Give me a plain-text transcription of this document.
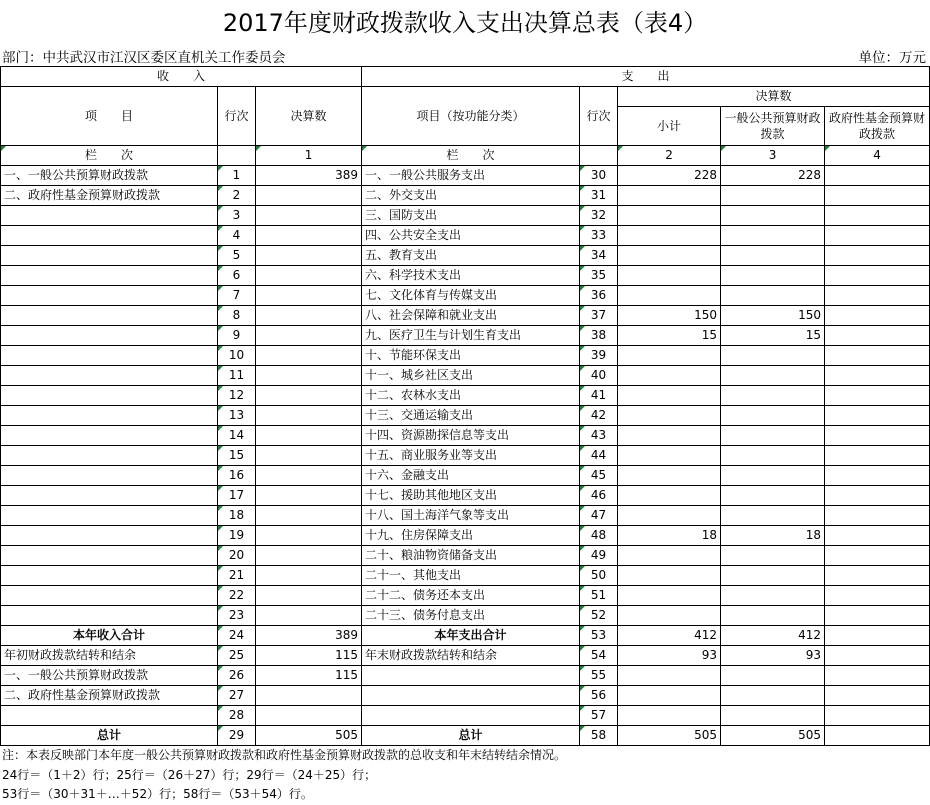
2017年度财政拨款收入支出决算总表（表4）
部门：中共武汉市江汉区委区直机关工作委员会	单位：万元
收　　入			支　　出				
项　　目	行次	决算数	项目（按功能分类）	行次	决算数		
					小计	一般公共预算财政拨款	政府性基金预算财政拨款
栏　　次		1	栏　　次		2	3	4
一、一般公共预算财政拨款	1	389	一、一般公共服务支出	30	228	228	
二、政府性基金预算财政拨款	2		二、外交支出	31			
	3		三、国防支出	32			
	4		四、公共安全支出	33			
	5		五、教育支出	34			
	6		六、科学技术支出	35			
	7		七、文化体育与传媒支出	36			
	8		八、社会保障和就业支出	37	150	150	
	9		九、医疗卫生与计划生育支出	38	15	15	
	10		十、节能环保支出	39			
	11		十一、城乡社区支出	40			
	12		十二、农林水支出	41			
	13		十三、交通运输支出	42			
	14		十四、资源勘探信息等支出	43			
	15		十五、商业服务业等支出	44			
	16		十六、金融支出	45			
	17		十七、援助其他地区支出	46			
	18		十八、国土海洋气象等支出	47			
	19		十九、住房保障支出	48	18	18	
	20		二十、粮油物资储备支出	49			
	21		二十一、其他支出	50			
	22		二十二、债务还本支出	51			
	23		二十三、债务付息支出	52			
本年收入合计	24	389	本年支出合计	53	412	412	
年初财政拨款结转和结余	25	115	年末财政拨款结转和结余	54	93	93	
一、一般公共预算财政拨款	26	115		55			
二、政府性基金预算财政拨款	27			56			
	28			57			
总计	29	505	总计	58	505	505	
注：本表反映部门本年度一般公共预算财政拨款和政府性基金预算财政拨款的总收支和年末结转结余情况。
24行＝（1＋2）行；25行＝（26＋27）行；29行＝（24＋25）行；
53行＝（30＋31＋…＋52）行；58行＝（53＋54）行。
